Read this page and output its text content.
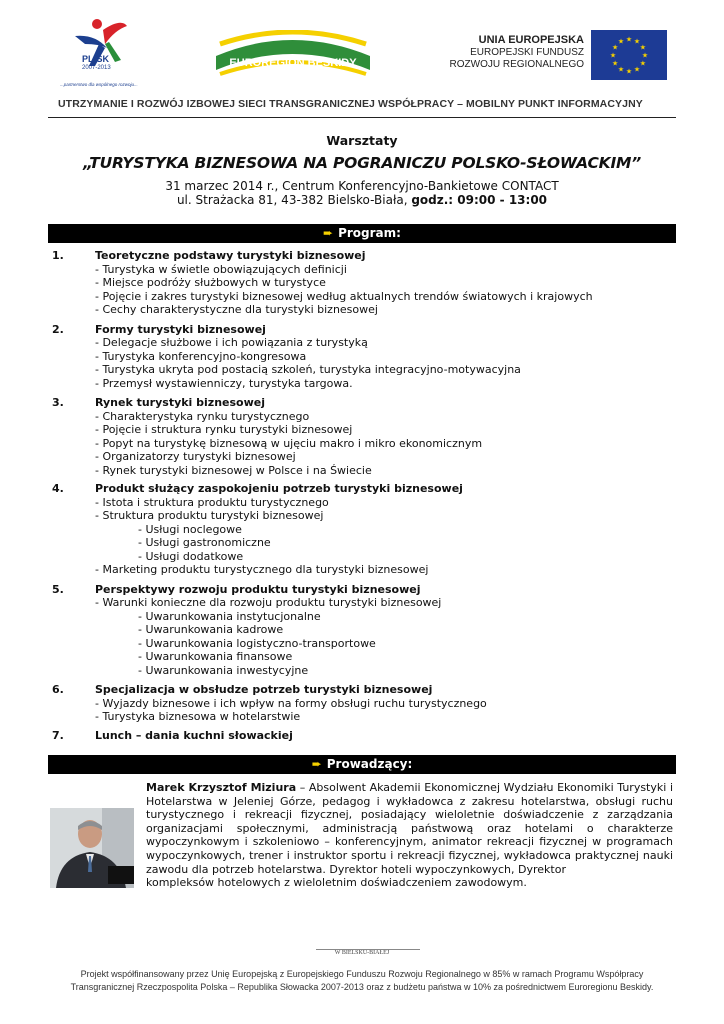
PL-SK
2007-2013
...partnerstwo dla wspólnego rozwoju...
EUROREGION BESKIDY
UNIA EUROPEJSKA
EUROPEJSKI FUNDUSZ
ROZWOJU REGIONALNEGO
★
★
★
★
★
★
★
★
★ ★ ★
★
UTRZYMANIE I ROZWÓJ IZBOWEJ SIECI TRANSGRANICZNEJ WSPÓŁPRACY – MOBILNY PUNKT INFORMACYJNY
Warsztaty
„TURYSTYKA BIZNESOWA NA POGRANICZU POLSKO-SŁOWACKIM”
31 marzec 2014 r., Centrum Konferencyjno-Bankietowe CONTACT
ul. Strażacka 81, 43-382 Bielsko-Biała, godz.: 09:00 - 13:00
➨ Program:
1.	Teoretyczne podstawy turystyki biznesowej
- Turystyka w świetle obowiązujących definicji
- Miejsce podróży służbowych w turystyce
- Pojęcie i zakres turystyki biznesowej według aktualnych trendów światowych i krajowych
- Cechy charakterystyczne dla turystyki biznesowej
2.	Formy turystyki biznesowej
- Delegacje służbowe i ich powiązania z turystyką
- Turystyka konferencyjno-kongresowa
- Turystyka ukryta pod postacią szkoleń, turystyka integracyjno-motywacyjna
- Przemysł wystawienniczy, turystyka targowa.
3.	Rynek turystyki biznesowej
- Charakterystyka rynku turystycznego
- Pojęcie i struktura rynku turystyki biznesowej
- Popyt na turystykę biznesową w ujęciu makro i mikro ekonomicznym
- Organizatorzy turystyki biznesowej
- Rynek turystyki biznesowej w Polsce i na Świecie
4.	Produkt służący zaspokojeniu potrzeb turystyki biznesowej
- Istota i struktura produktu turystycznego
- Struktura produktu turystyki biznesowej
- Usługi noclegowe
- Usługi gastronomiczne
- Usługi dodatkowe
- Marketing produktu turystycznego dla turystyki biznesowej
5.	Perspektywy rozwoju produktu turystyki biznesowej
- Warunki konieczne dla rozwoju produktu turystyki biznesowej
- Uwarunkowania instytucjonalne
- Uwarunkowania kadrowe
- Uwarunkowania logistyczno-transportowe
- Uwarunkowania finansowe
- Uwarunkowania inwestycyjne
6.	Specjalizacja w obsłudze potrzeb turystyki biznesowej
- Wyjazdy biznesowe i ich wpływ na formy obsługi ruchu turystycznego
- Turystyka biznesowa w hotelarstwie
7.	Lunch – dania kuchni słowackiej
➨ Prowadzący:
Marek Krzysztof Miziura – Absolwent Akademii Ekonomicznej Wydziału Ekonomiki Turystyki i Hotelarstwa w Jeleniej Górze, pedagog i wykładowca z zakresu hotelarstwa, obsługi ruchu turystycznego i rekreacji fizycznej, posiadający wieloletnie doświadczenie z zarządzania organizacjami społecznymi, administracją państwową oraz hotelami o charakterze wypoczynkowym i szkoleniowo – konferencyjnym, animator rekreacji fizycznej w programach wypoczynkowych, trener i instruktor sportu i rekreacji fizycznej, wykładowca praktycznej nauki zawodu dla potrzeb hotelarstwa. Dyrektor hoteli wypoczynkowych, Dyrektor
kompleksów hotelowych z wieloletnim doświadczeniem zawodowym.
W BIELSKU-BIAŁEJ
Projekt współfinansowany przez Unię Europejską z Europejskiego Funduszu Rozwoju Regionalnego w 85% w ramach Programu Współpracy
Transgranicznej Rzeczpospolita Polska – Republika Słowacka 2007-2013 oraz z budżetu państwa w 10% za pośrednictwem Euroregionu Beskidy.
